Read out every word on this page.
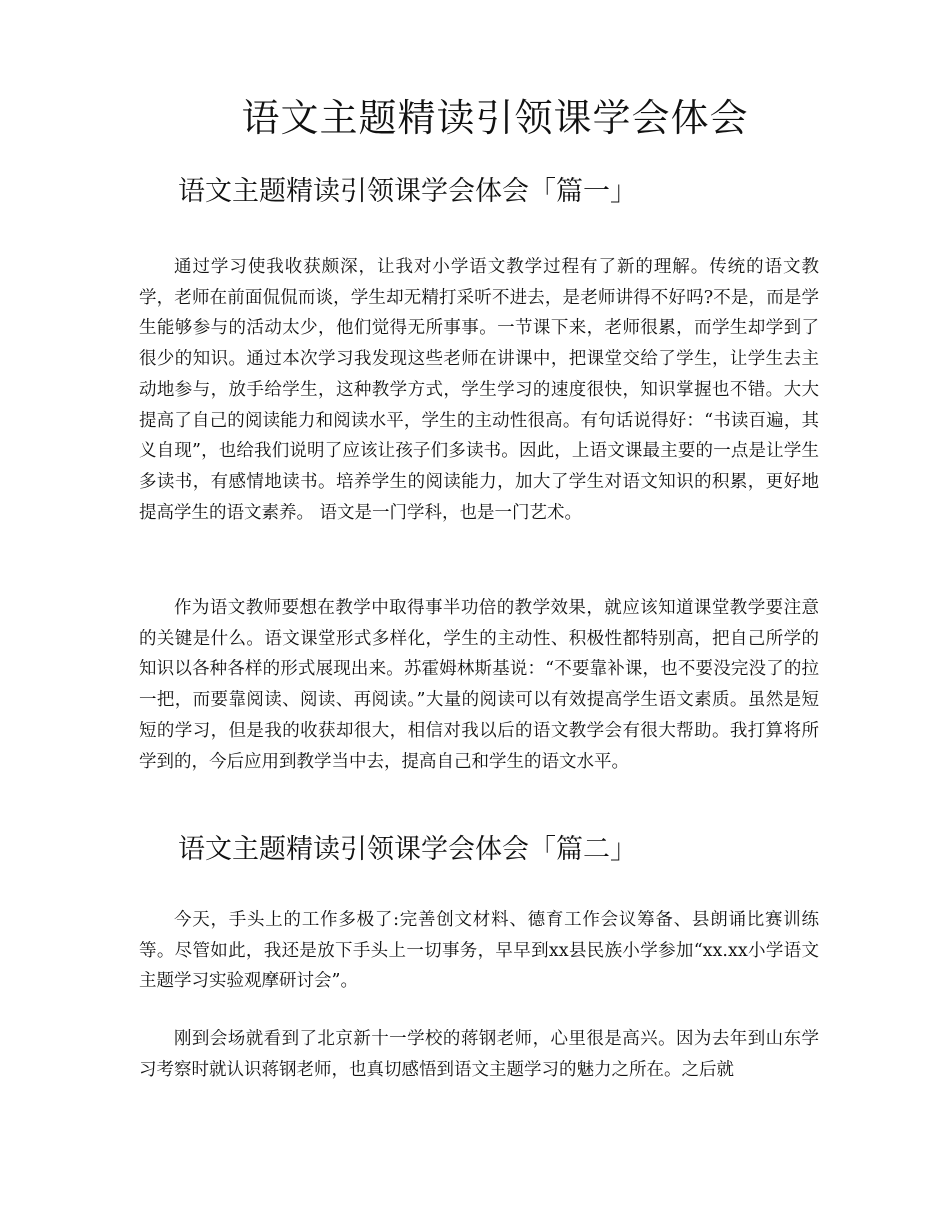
语文主题精读引领课学会体会
语文主题精读引领课学会体会「篇一」

通过学习使我收获颇深，让我对小学语文教学过程有了新的理解。传统的语文教学，老师在前面侃侃而谈，学生却无精打采听不进去，是老师讲得不好吗?不是，而是学生能够参与的活动太少，他们觉得无所事事。一节课下来，老师很累，而学生却学到了很少的知识。通过本次学习我发现这些老师在讲课中，把课堂交给了学生，让学生去主动地参与，放手给学生，这种教学方式，学生学习的速度很快，知识掌握也不错。大大提高了自己的阅读能力和阅读水平，学生的主动性很高。有句话说得好：“书读百遍，其义自现”，也给我们说明了应该让孩子们多读书。因此，上语文课最主要的一点是让学生多读书，有感情地读书。培养学生的阅读能力，加大了学生对语文知识的积累，更好地提高学生的语文素养。 语文是一门学科，也是一门艺术。

作为语文教师要想在教学中取得事半功倍的教学效果，就应该知道课堂教学要注意的关键是什么。语文课堂形式多样化，学生的主动性、积极性都特别高，把自己所学的知识以各种各样的形式展现出来。苏霍姆林斯基说：“不要靠补课，也不要没完没了的拉一把，而要靠阅读、阅读、再阅读。”大量的阅读可以有效提高学生语文素质。虽然是短短的学习，但是我的收获却很大，相信对我以后的语文教学会有很大帮助。我打算将所学到的，今后应用到教学当中去，提高自己和学生的语文水平。

语文主题精读引领课学会体会「篇二」

今天，手头上的工作多极了:完善创文材料、德育工作会议筹备、县朗诵比赛训练等。尽管如此，我还是放下手头上一切事务，早早到xx县民族小学参加“xx.xx小学语文主题学习实验观摩研讨会”。

刚到会场就看到了北京新十一学校的蒋钢老师，心里很是高兴。因为去年到山东学习考察时就认识蒋钢老师，也真切感悟到语文主题学习的魅力之所在。之后就
